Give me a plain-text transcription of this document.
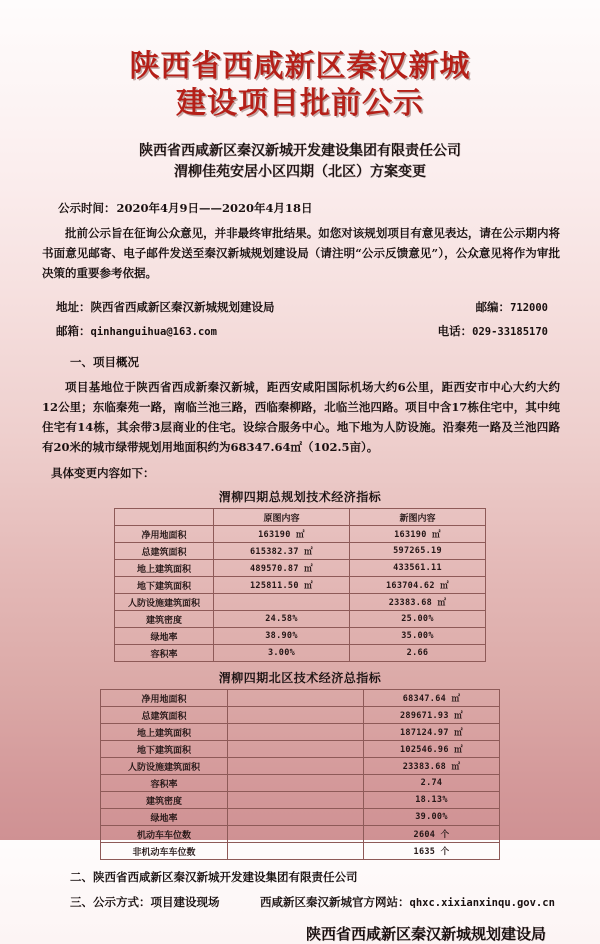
陕西省西咸新区秦汉新城
建设项目批前公示
陕西省西咸新区秦汉新城开发建设集团有限责任公司
渭柳佳苑安居小区四期（北区）方案变更
公示时间：2020年4月9日——2020年4月18日
批前公示旨在征询公众意见，并非最终审批结果。如您对该规划项目有意见表达，请在公示期内将书面意见邮寄、电子邮件发送至秦汉新城规划建设局（请注明“公示反馈意见”），公众意见将作为审批决策的重要参考依据。
地址：陕西省西咸新区秦汉新城规划建设局	邮编：712000
邮箱：qinhanguihua@163.com	电话：029-33185170
一、项目概况
项目基地位于陕西省西成新秦汉新城，距西安咸阳国际机场大约6公里，距西安市中心大约大约12公里；东临秦苑一路，南临兰池三路，西临秦柳路，北临兰池四路。项目中含17栋住宅中，其中纯住宅有14栋，其余带3层商业的住宅。设综合服务中心。地下地为人防设施。沿秦苑一路及兰池四路有20米的城市绿带规划用地面积约为68347.64㎡（102.5亩）。
具体变更内容如下：
渭柳四期总规划技术经济指标
	原图内容	新图内容
净用地面积	163190 ㎡	163190 ㎡
总建筑面积	615382.37 ㎡	597265.19
地上建筑面积	489570.87 ㎡	433561.11
地下建筑面积	125811.50 ㎡	163704.62 ㎡
人防设施建筑面积		23383.68 ㎡
建筑密度	24.58%	25.00%
绿地率	38.90%	35.00%
容积率	3.00%	2.66
渭柳四期北区技术经济总指标
净用地面积		68347.64 ㎡
总建筑面积		289671.93 ㎡
地上建筑面积		187124.97 ㎡
地下建筑面积		102546.96 ㎡
人防设施建筑面积		23383.68 ㎡
容积率		2.74
建筑密度		18.13%
绿地率		39.00%
机动车车位数		2604 个
非机动车车位数		1635 个
二、陕西省西咸新区秦汉新城开发建设集团有限责任公司
三、公示方式：项目建设现场	西咸新区秦汉新城官方网站：qhxc.xixianxinqu.gov.cn
陕西省西咸新区秦汉新城规划建设局
